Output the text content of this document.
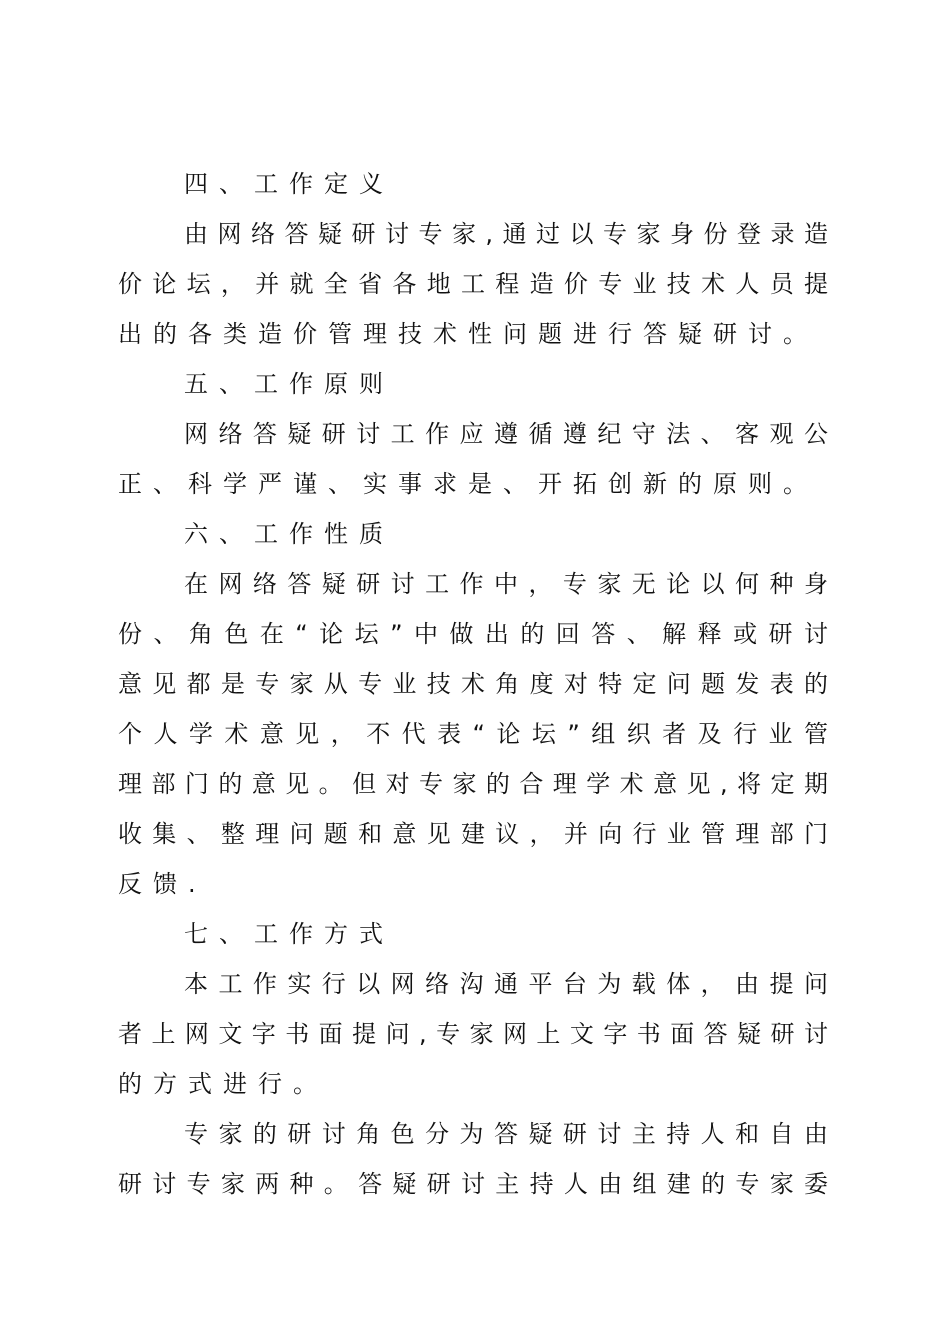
四、工作定义
由网络答疑研讨专家,通过以专家身份登录造
价论坛，并就全省各地工程造价专业技术人员提
出的各类造价管理技术性问题进行答疑研讨。
五、工作原则
网络答疑研讨工作应遵循遵纪守法、客观公
正、科学严谨、实事求是、开拓创新的原则。
六、工作性质
在网络答疑研讨工作中，专家无论以何种身
份、角色在“论坛”中做出的回答、解释或研讨
意见都是专家从专业技术角度对特定问题发表的
个人学术意见，不代表“论坛”组织者及行业管
理部门的意见。但对专家的合理学术意见,将定期
收集、整理问题和意见建议，并向行业管理部门
反馈.
七、工作方式
本工作实行以网络沟通平台为载体，由提问
者上网文字书面提问,专家网上文字书面答疑研讨
的方式进行。
专家的研讨角色分为答疑研讨主持人和自由
研讨专家两种。答疑研讨主持人由组建的专家委
